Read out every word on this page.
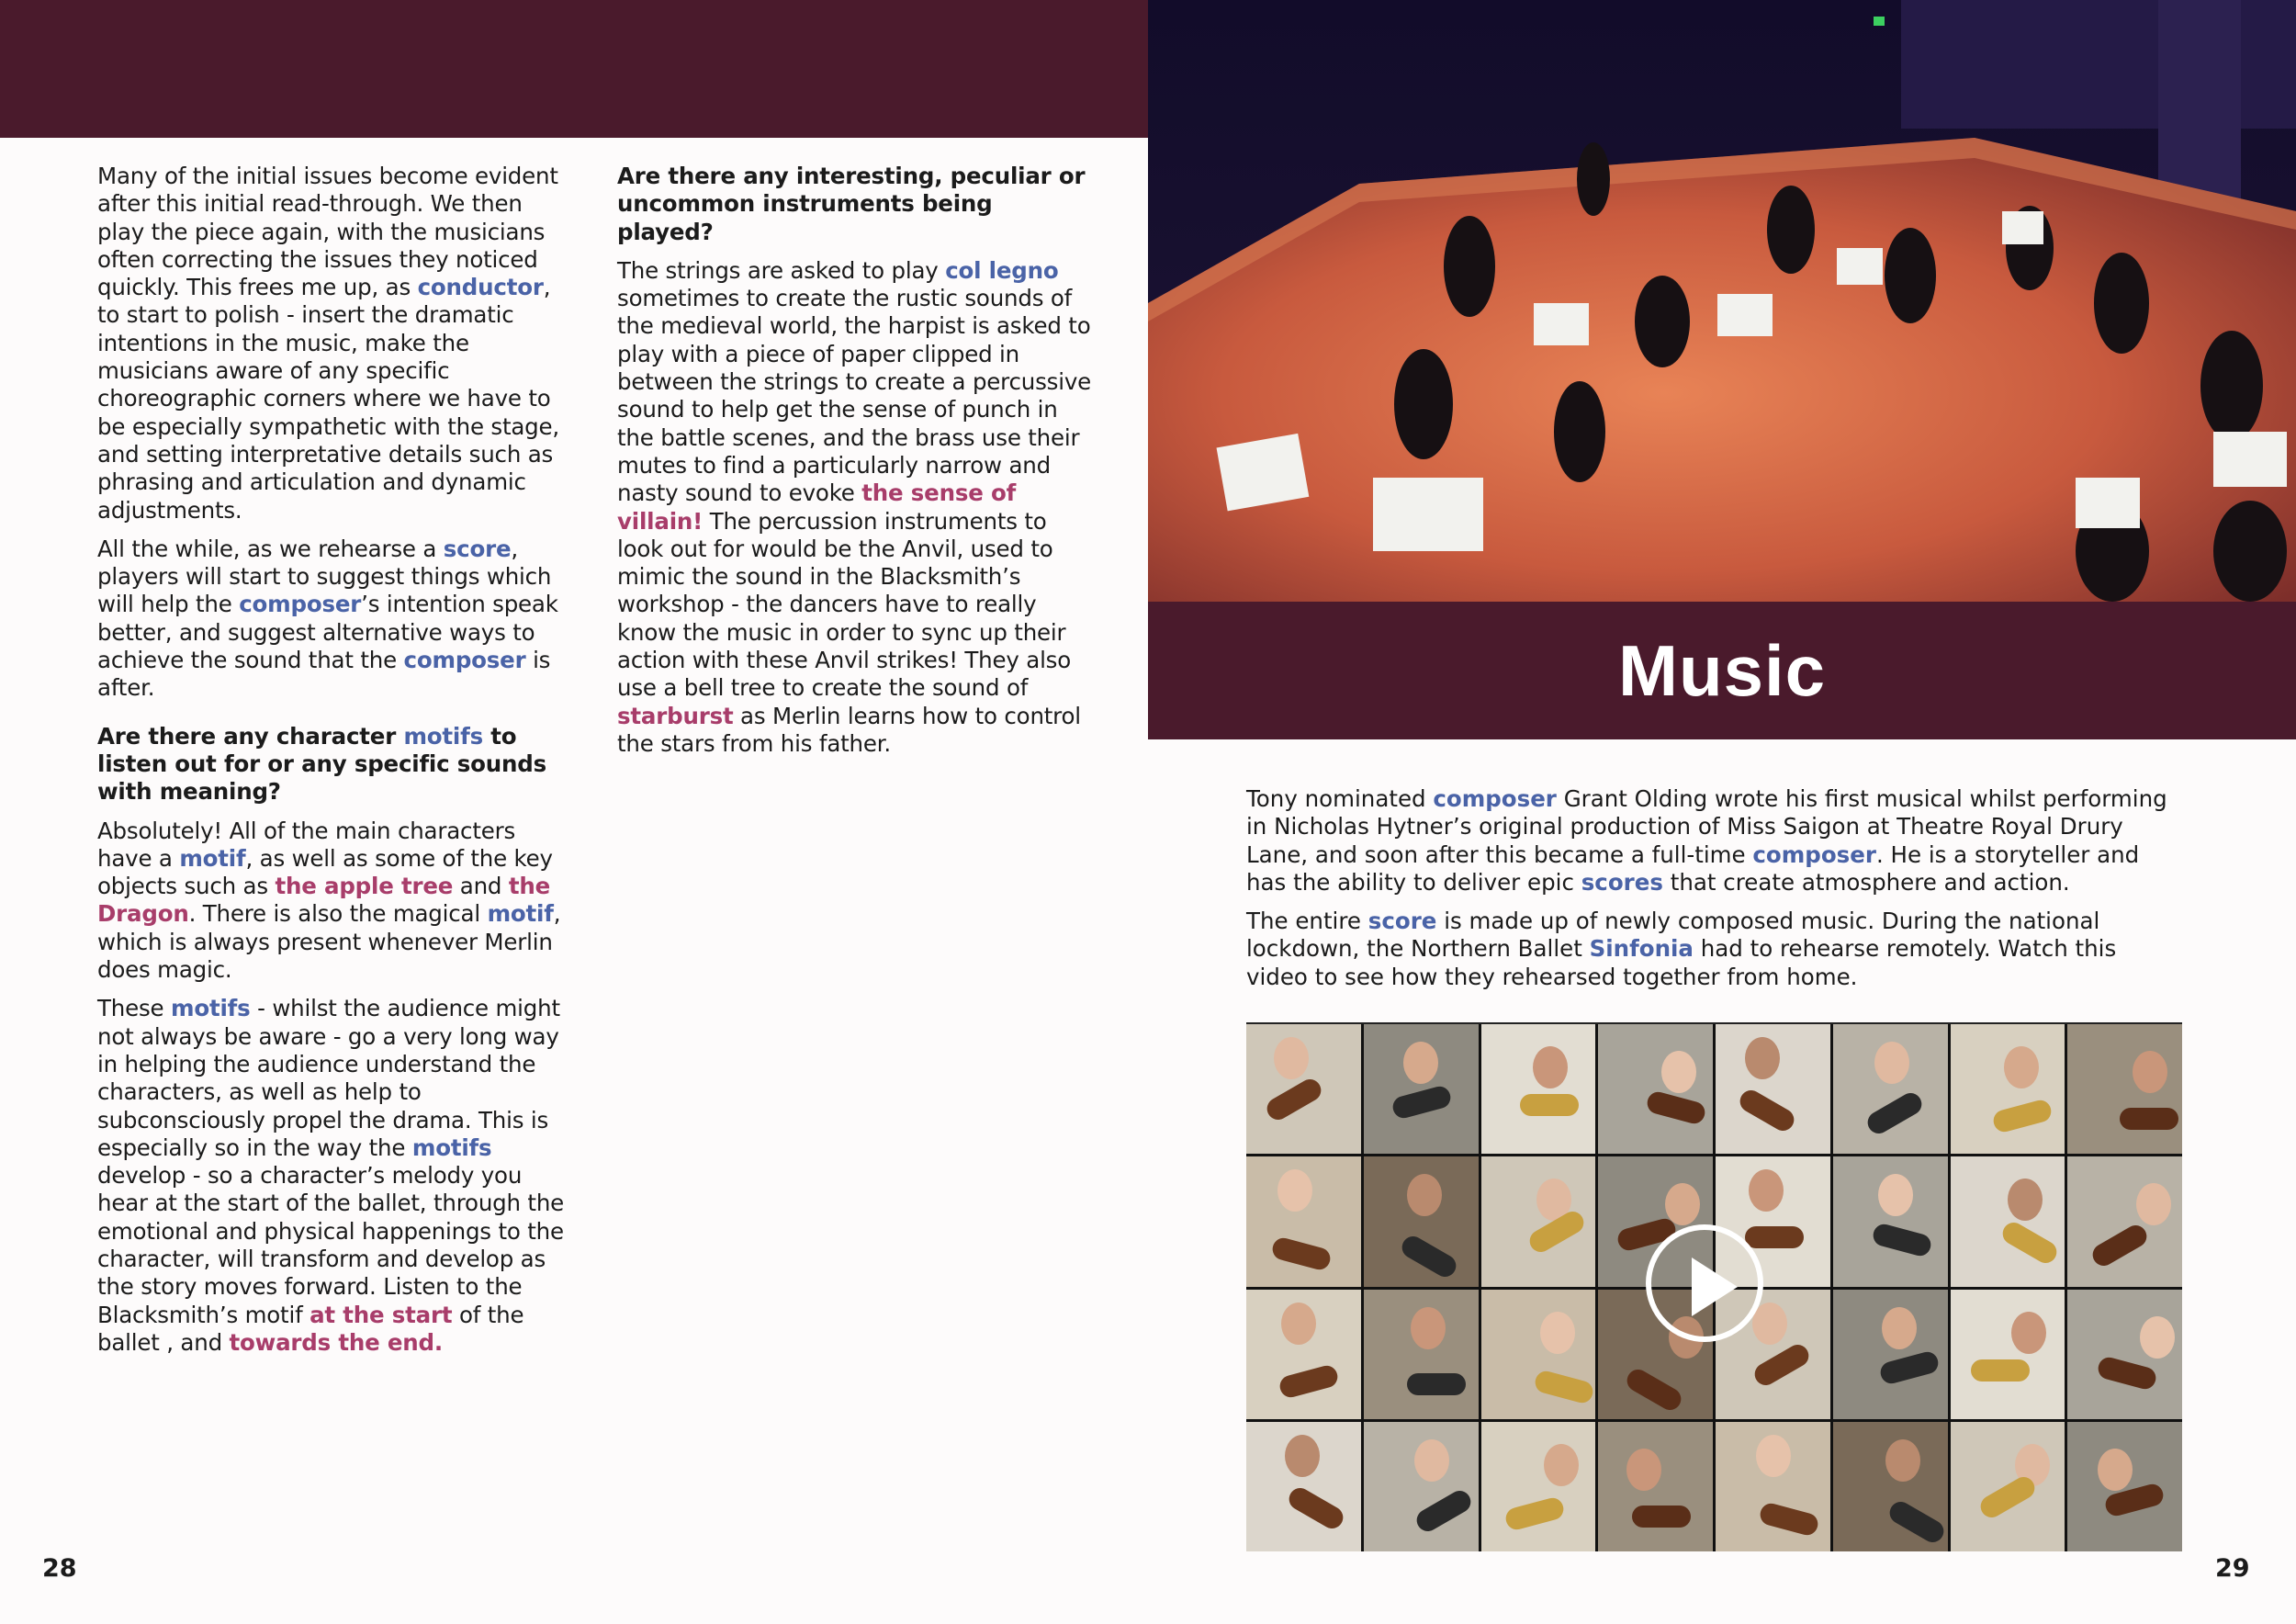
Many of the initial issues become evident after this initial read-through. We then play the piece again, with the musicians often correcting the issues they noticed quickly. This frees me up, as conductor, to start to polish - insert the dramatic intentions in the music, make the musicians aware of any specific choreographic corners where we have to be especially sympathetic with the stage, and setting interpretative details such as phrasing and articulation and dynamic adjustments.

All the while, as we rehearse a score, players will start to suggest things which will help the composer’s intention speak better, and suggest alternative ways to achieve the sound that the composer is after.

Are there any character motifs to listen out for or any specific sounds with meaning?

Absolutely! All of the main characters have a motif, as well as some of the key objects such as the apple tree and the Dragon. There is also the magical motif, which is always present whenever Merlin does magic.

These motifs - whilst the audience might not always be aware - go a very long way in helping the audience understand the characters, as well as help to subconsciously propel the drama. This is especially so in the way the motifs develop - so a character’s melody you hear at the start of the ballet, through the emotional and physical happenings to the character, will transform and develop as the story moves forward. Listen to the Blacksmith’s motif at the start of the ballet , and towards the end.

Are there any interesting, peculiar or uncommon instruments being played?

The strings are asked to play col legno sometimes to create the rustic sounds of the medieval world, the harpist is asked to play with a piece of paper clipped in between the strings to create a percussive sound to help get the sense of punch in the battle scenes, and the brass use their mutes to find a particularly narrow and nasty sound to evoke the sense of villain! The percussion instruments to look out for would be the Anvil, used to mimic the sound in the Blacksmith’s workshop - the dancers have to really know the music in order to sync up their action with these Anvil strikes! They also use a bell tree to create the sound of starburst as Merlin learns how to control the stars from his father.

Music

Tony nominated composer Grant Olding wrote his first musical whilst performing in Nicholas Hytner’s original production of Miss Saigon at Theatre Royal Drury Lane, and soon after this became a full-time composer. He is a storyteller and has the ability to deliver epic scores that create atmosphere and action.

The entire score is made up of newly composed music. During the national lockdown, the Northern Ballet Sinfonia had to rehearse remotely. Watch this video to see how they rehearsed together from home.

28	29
